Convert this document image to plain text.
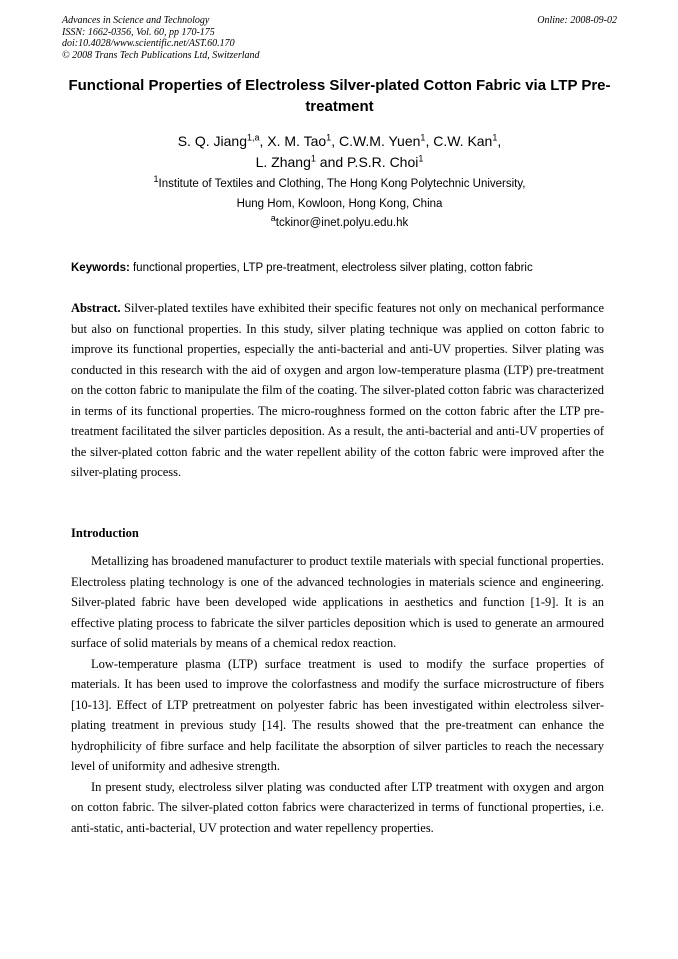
Advances in Science and Technology
ISSN: 1662-0356, Vol. 60, pp 170-175
doi:10.4028/www.scientific.net/AST.60.170
© 2008 Trans Tech Publications Ltd, Switzerland
Online: 2008-09-02
Functional Properties of Electroless Silver-plated Cotton Fabric via LTP Pre-treatment
S. Q. Jiang$^{1,a}$, X. M. Tao$^1$, C.W.M. Yuen$^1$, C.W. Kan$^1$,
L. Zhang$^1$ and P.S.R. Choi$^1$
$^1$Institute of Textiles and Clothing, The Hong Kong Polytechnic University,
Hung Hom, Kowloon, Hong Kong, China
$^a$tckinor@inet.polyu.edu.hk
Keywords: functional properties, LTP pre-treatment, electroless silver plating, cotton fabric
Abstract. Silver-plated textiles have exhibited their specific features not only on mechanical performance but also on functional properties. In this study, silver plating technique was applied on cotton fabric to improve its functional properties, especially the anti-bacterial and anti-UV properties. Silver plating was conducted in this research with the aid of oxygen and argon low-temperature plasma (LTP) pre-treatment on the cotton fabric to manipulate the film of the coating. The silver-plated cotton fabric was characterized in terms of its functional properties. The micro-roughness formed on the cotton fabric after the LTP pre-treatment facilitated the silver particles deposition. As a result, the anti-bacterial and anti-UV properties of the silver-plated cotton fabric and the water repellent ability of the cotton fabric were improved after the silver-plating process.
Introduction

Metallizing has broadened manufacturer to product textile materials with special functional properties. Electroless plating technology is one of the advanced technologies in materials science and engineering. Silver-plated fabric have been developed wide applications in aesthetics and function [1-9]. It is an effective plating process to fabricate the silver particles deposition which is used to generate an armoured surface of solid materials by means of a chemical redox reaction.

Low-temperature plasma (LTP) surface treatment is used to modify the surface properties of materials. It has been used to improve the colorfastness and modify the surface microstructure of fibers [10-13]. Effect of LTP pretreatment on polyester fabric has been investigated within electroless silver-plating treatment in previous study [14]. The results showed that the pre-treatment can enhance the hydrophilicity of fibre surface and help facilitate the absorption of silver particles to reach the necessary level of uniformity and adhesive strength.

In present study, electroless silver plating was conducted after LTP treatment with oxygen and argon on cotton fabric. The silver-plated cotton fabrics were characterized in terms of functional properties, i.e. anti-static, anti-bacterial, UV protection and water repellency properties.
